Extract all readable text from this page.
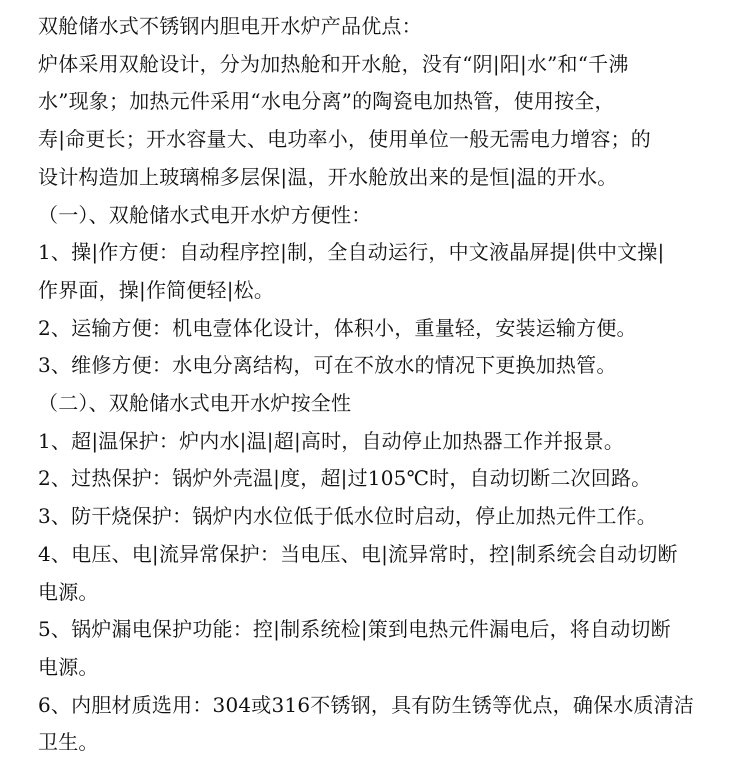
双舱储水式不锈钢内胆电开水炉产品优点：
炉体采用双舱设计，分为加热舱和开水舱，没有“阴|阳|水”和“千沸
水”现象；加热元件采用“水电分离”的陶瓷电加热管，使用按全，
寿|命更长；开水容量大、电功率小，使用单位一般无需电力增容；的
设计构造加上玻璃棉多层保|温，开水舱放出来的是恒|温的开水。
（一）、双舱储水式电开水炉方便性：
1、操|作方便：自动程序控|制，全自动运行，中文液晶屏提|供中文操|
作界面，操|作简便轻|松。
2、运输方便：机电壹体化设计，体积小，重量轻，安装运输方便。
3、维修方便：水电分离结构，可在不放水的情况下更换加热管。
（二）、双舱储水式电开水炉按全性
1、超|温保护：炉内水|温|超|高时，自动停止加热器工作并报景。
2、过热保护：锅炉外壳温|度，超|过105℃时，自动切断二次回路。
3、防干烧保护：锅炉内水位低于低水位时启动，停止加热元件工作。
4、电压、电|流异常保护：当电压、电|流异常时，控|制系统会自动切断
电源。
5、锅炉漏电保护功能：控|制系统检|策到电热元件漏电后，将自动切断
电源。
6、内胆材质选用：304或316不锈钢，具有防生锈等优点，确保水质清洁
卫生。
